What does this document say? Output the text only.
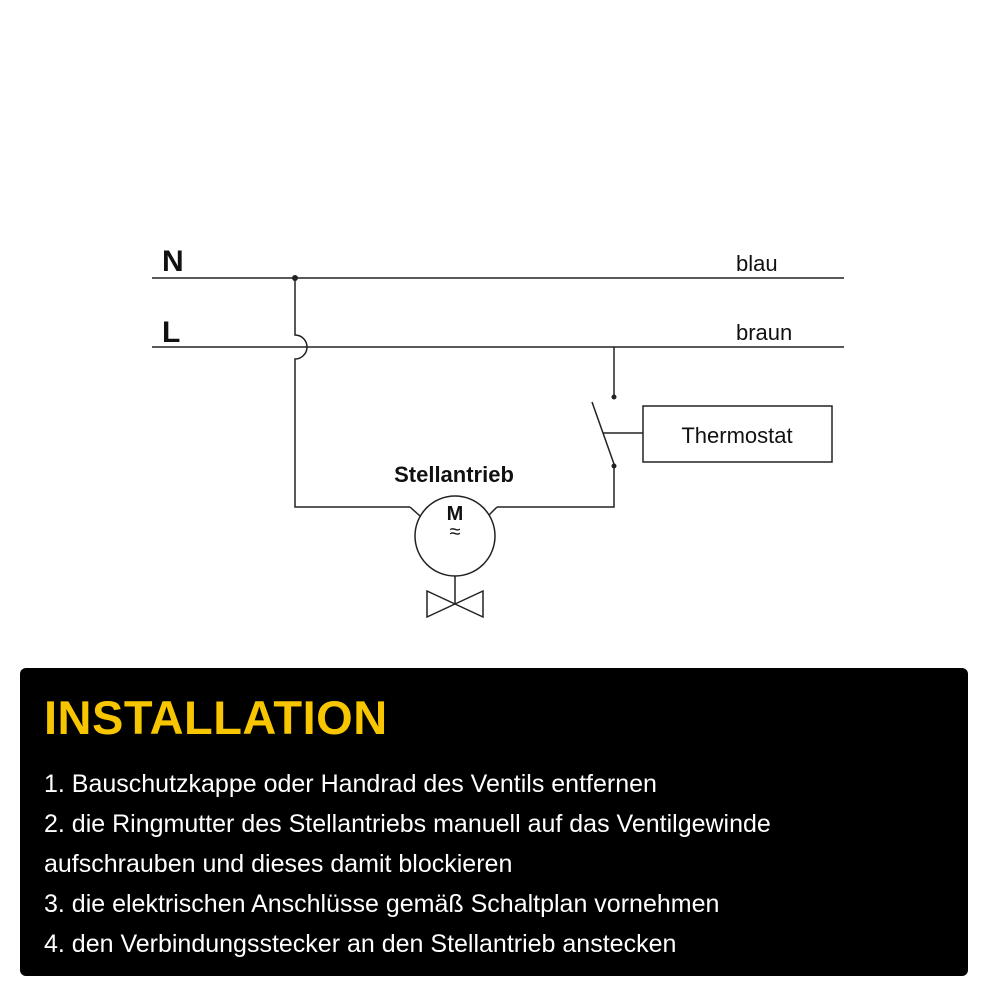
N
L
blau
braun
Thermostat
Stellantrieb
M
≈
INSTALLATION
1. Bauschutzkappe oder Handrad des Ventils entfernen
2. die Ringmutter des Stellantriebs manuell auf das Ventilgewinde
aufschrauben und dieses damit blockieren
3. die elektrischen Anschlüsse gemäß Schaltplan vornehmen
4. den Verbindungsstecker an den Stellantrieb anstecken
